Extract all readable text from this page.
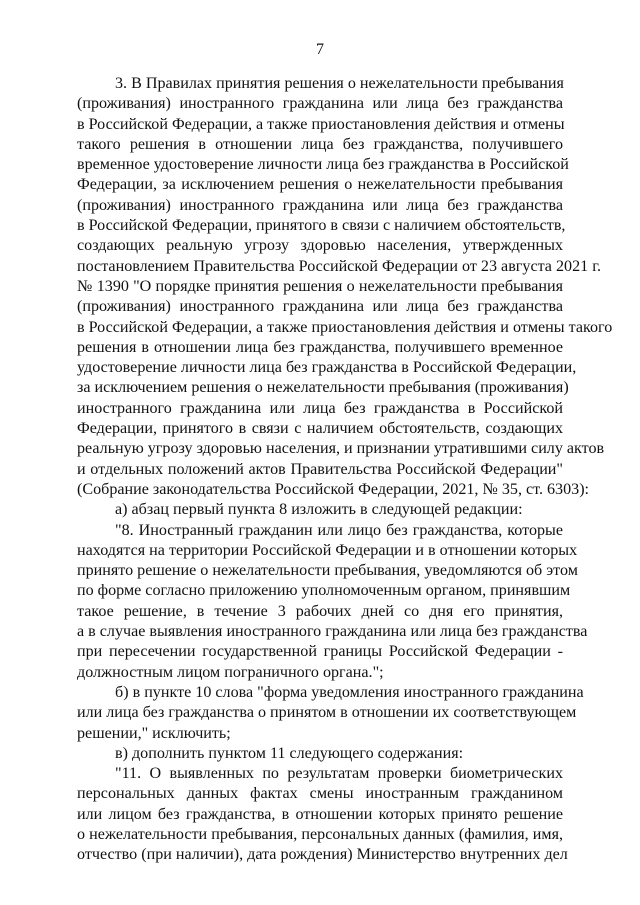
7
3. В Правилах принятия решения о нежелательности пребывания
(проживания) иностранного гражданина или лица без гражданства
в Российской Федерации, а также приостановления действия и отмены
такого решения в отношении лица без гражданства, получившего
временное удостоверение личности лица без гражданства в Российской
Федерации, за исключением решения о нежелательности пребывания
(проживания) иностранного гражданина или лица без гражданства
в Российской Федерации, принятого в связи с наличием обстоятельств,
создающих реальную угрозу здоровью населения, утвержденных
постановлением Правительства Российской Федерации от 23 августа 2021 г.
№ 1390 "О порядке принятия решения о нежелательности пребывания
(проживания) иностранного гражданина или лица без гражданства
в Российской Федерации, а также приостановления действия и отмены такого
решения в отношении лица без гражданства, получившего временное
удостоверение личности лица без гражданства в Российской Федерации,
за исключением решения о нежелательности пребывания (проживания)
иностранного гражданина или лица без гражданства в Российской
Федерации, принятого в связи с наличием обстоятельств, создающих
реальную угрозу здоровью населения, и признании утратившими силу актов
и отдельных положений актов Правительства Российской Федерации"
(Собрание законодательства Российской Федерации, 2021, № 35, ст. 6303):
а) абзац первый пункта 8 изложить в следующей редакции:
"8. Иностранный гражданин или лицо без гражданства, которые
находятся на территории Российской Федерации и в отношении которых
принято решение о нежелательности пребывания, уведомляются об этом
по форме согласно приложению уполномоченным органом, принявшим
такое решение, в течение 3 рабочих дней со дня его принятия,
а в случае выявления иностранного гражданина или лица без гражданства
при пересечении государственной границы Российской Федерации -
должностным лицом пограничного органа.";
б) в пункте 10 слова "форма уведомления иностранного гражданина
или лица без гражданства о принятом в отношении их соответствующем
решении," исключить;
в) дополнить пунктом 11 следующего содержания:
"11. О выявленных по результатам проверки биометрических
персональных данных фактах смены иностранным гражданином
или лицом без гражданства, в отношении которых принято решение
о нежелательности пребывания, персональных данных (фамилия, имя,
отчество (при наличии), дата рождения) Министерство внутренних дел
